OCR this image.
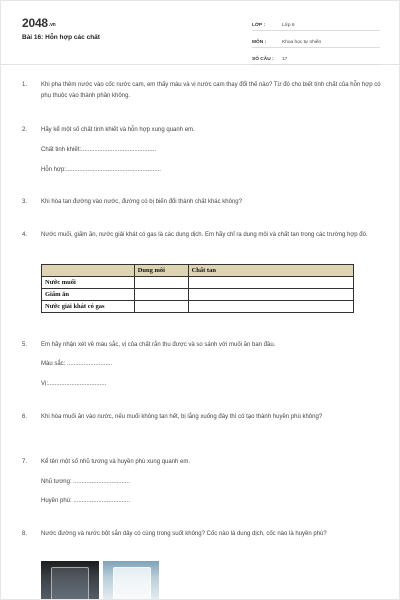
2048.vn
Bài 16: Hỗn hợp các chất
LỚP :	Lớp 6
MÔN :	Khoa học tự nhiên
SỐ CÂU :	17
1.	Khi pha thêm nước vào cốc nước cam, em thấy màu và vị nước cam thay đổi thế nào? Từ đó cho biết tính chất của hỗn hợp có phụ thuộc vào thành phần không.
2.	Hãy kể một số chất tinh khiết và hỗn hợp xung quanh em.
Chất tinh khiết:.............................................
Hỗn hợp:.........................................................
3.	Khi hòa tan đường vào nước, đường có bị biến đổi thành chất khác không?
4.	Nước muối, giấm ăn, nước giải khát có gas là các dung dịch. Em hãy chỉ ra dung môi và chất tan trong các trường hợp đó.
	Dung môi	Chất tan
Nước muối		
Giấm ăn		
Nước giải khát có gas		
5.	Em hãy nhận xét về màu sắc, vị của chất rắn thu được và so sánh với muối ăn ban đầu.
Màu sắc: ...........................
Vị:...................................
6.	Khi hòa muối ăn vào nước, nếu muối không tan hết, bị lắng xuống đáy thì có tạo thành huyền phù không?
7.	Kể tên một số nhũ tương và huyền phù xung quanh em.
Nhũ tương: ..................................
Huyền phù: ..................................
8.	Nước đường và nước bột sắn dây có cùng trong suốt không? Cốc nào là dung dịch, cốc nào là huyền phù?
